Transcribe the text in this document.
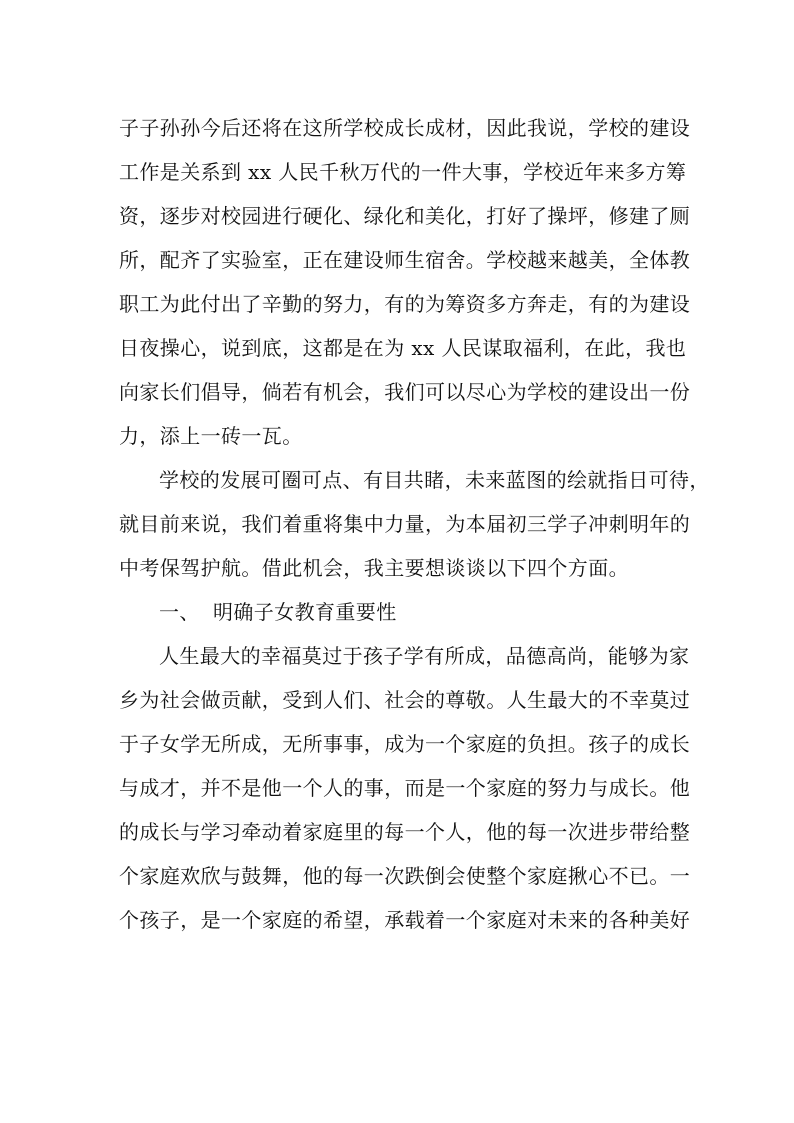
子子孙孙今后还将在这所学校成长成材，因此我说，学校的建设
工作是关系到 xx 人民千秋万代的一件大事，学校近年来多方筹
资，逐步对校园进行硬化、绿化和美化，打好了操坪，修建了厕
所，配齐了实验室，正在建设师生宿舍。学校越来越美，全体教
职工为此付出了辛勤的努力，有的为筹资多方奔走，有的为建设
日夜操心，说到底，这都是在为 xx 人民谋取福利，在此，我也
向家长们倡导，倘若有机会，我们可以尽心为学校的建设出一份
力，添上一砖一瓦。
学校的发展可圈可点、有目共睹，未来蓝图的绘就指日可待，
就目前来说，我们着重将集中力量，为本届初三学子冲刺明年的
中考保驾护航。借此机会，我主要想谈谈以下四个方面。
一、 明确子女教育重要性
人生最大的幸福莫过于孩子学有所成，品德高尚，能够为家
乡为社会做贡献，受到人们、社会的尊敬。人生最大的不幸莫过
于子女学无所成，无所事事，成为一个家庭的负担。孩子的成长
与成才，并不是他一个人的事，而是一个家庭的努力与成长。他
的成长与学习牵动着家庭里的每一个人，他的每一次进步带给整
个家庭欢欣与鼓舞，他的每一次跌倒会使整个家庭揪心不已。一
个孩子，是一个家庭的希望，承载着一个家庭对未来的各种美好
